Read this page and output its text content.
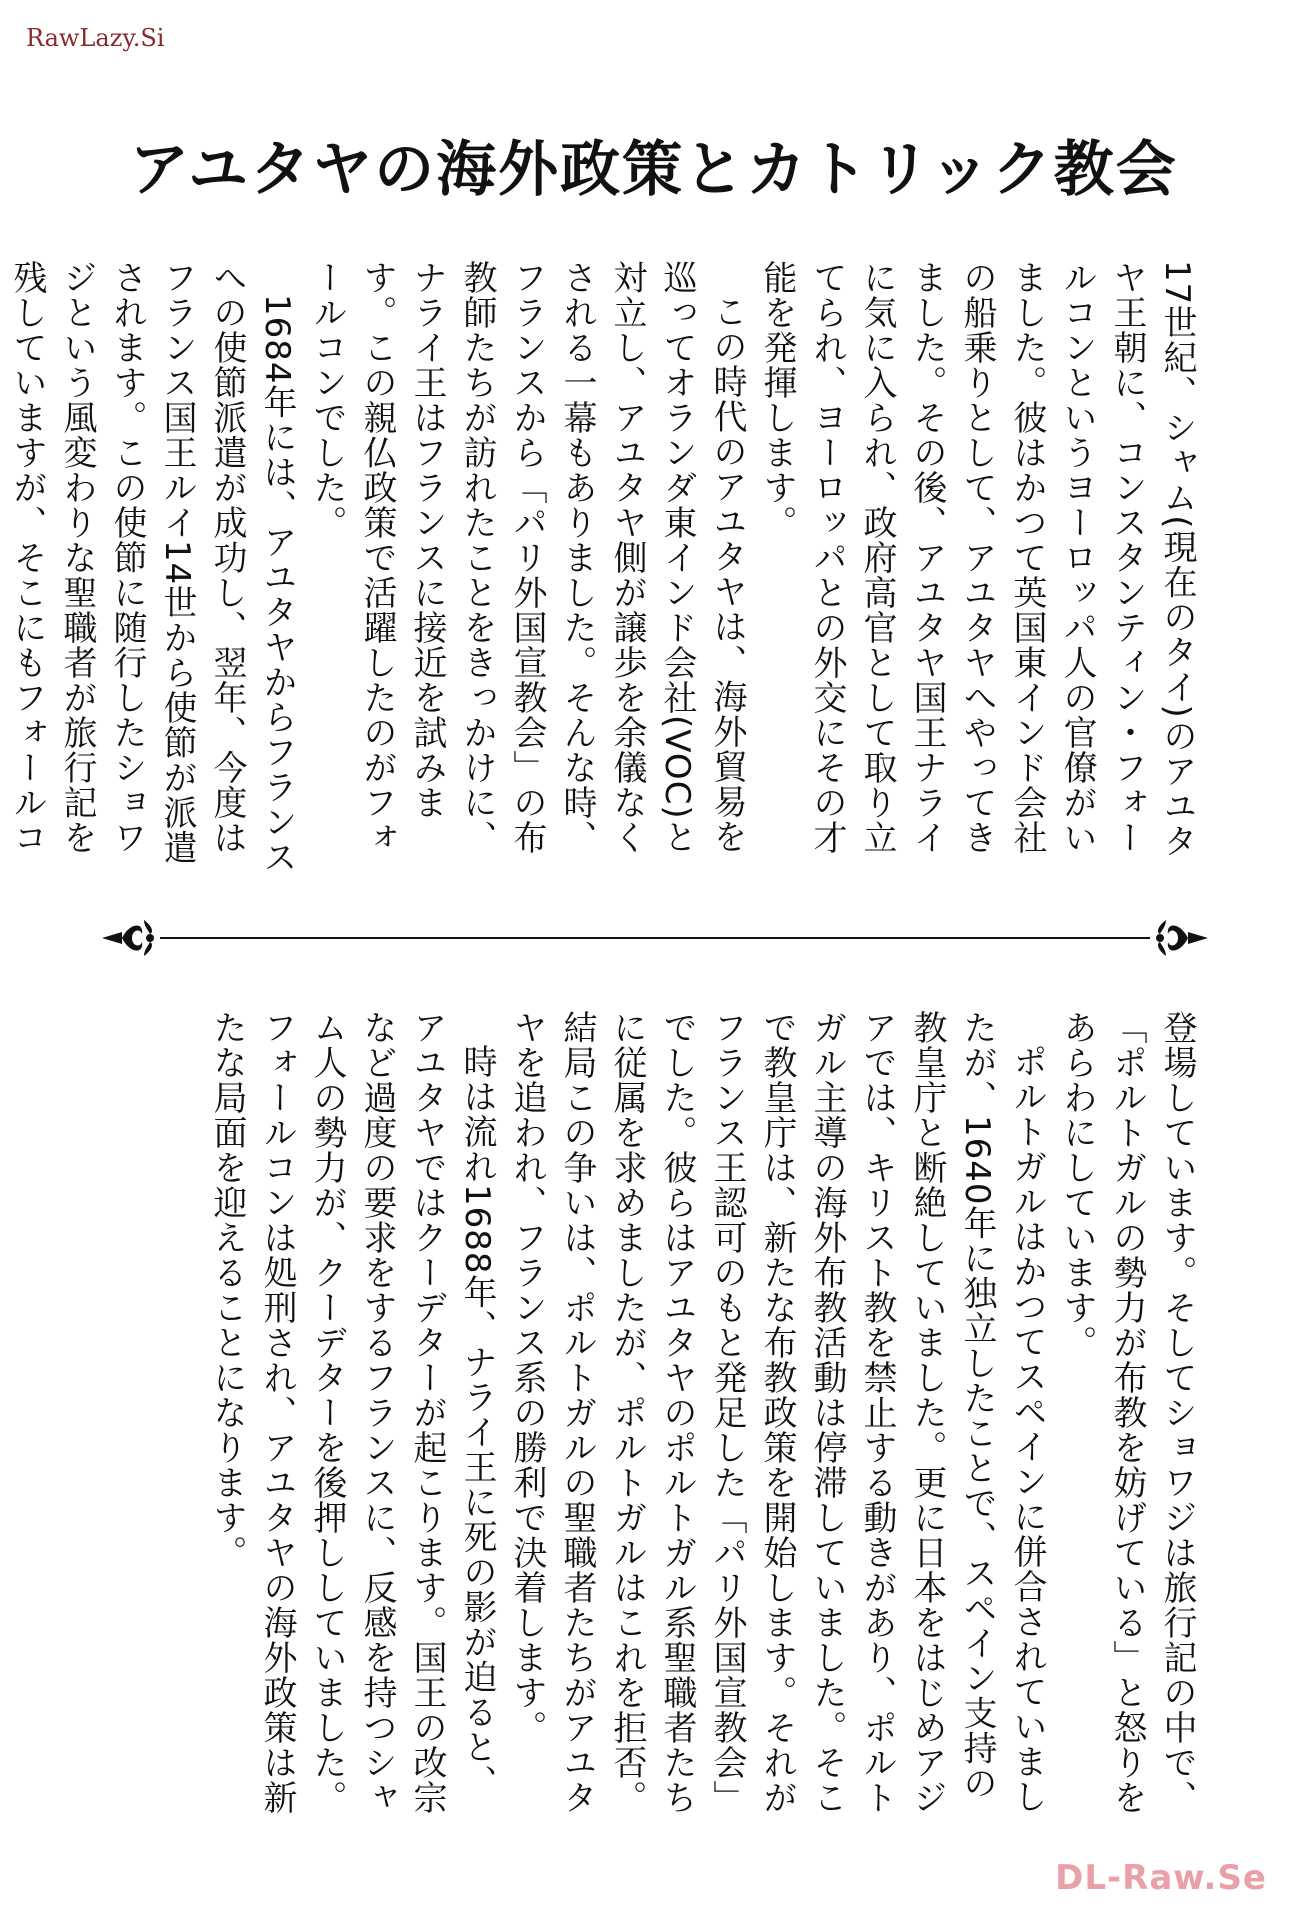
RawLazy.Si
アユタヤの海外政策とカトリック教会

17世紀、シャム(現在のタイ)のアユタヤ王朝に、コンスタンティン・フォールコンというヨーロッパ人の官僚がいました。彼はかつて英国東インド会社の船乗りとして、アユタヤへやってきました。その後、アユタヤ国王ナライに気に入られ、政府高官として取り立てられ、ヨーロッパとの外交にその才能を発揮します。

この時代のアユタヤは、海外貿易を巡ってオランダ東インド会社(VOC)と対立し、アユタヤ側が譲歩を余儀なくされる一幕もありました。そんな時、フランスから「パリ外国宣教会」の布教師たちが訪れたことをきっかけに、ナライ王はフランスに接近を試みます。この親仏政策で活躍したのがフォールコンでした。

1684年には、アユタヤからフランスへの使節派遣が成功し、翌年、今度はフランス国王ルイ14世から使節が派遣されます。この使節に随行したショワジという風変わりな聖職者が旅行記を残していますが、そこにもフォールコ

登場しています。そしてショワジは旅行記の中で、「ポルトガルの勢力が布教を妨げている」と怒りをあらわにしています。

ポルトガルはかつてスペインに併合されていましたが、1640年に独立したことで、スペイン支持の教皇庁と断絶していました。更に日本をはじめアジアでは、キリスト教を禁止する動きがあり、ポルトガル主導の海外布教活動は停滞していました。そこで教皇庁は、新たな布教政策を開始します。それがフランス王認可のもと発足した「パリ外国宣教会」でした。彼らはアユタヤのポルトガル系聖職者たちに従属を求めましたが、ポルトガルはこれを拒否。結局この争いは、ポルトガルの聖職者たちがアユタヤを追われ、フランス系の勝利で決着します。

時は流れ1688年、ナライ王に死の影が迫ると、アユタヤではクーデターが起こります。国王の改宗など過度の要求をするフランスに、反感を持つシャム人の勢力が、クーデターを後押ししていました。フォールコンは処刑され、アユタヤの海外政策は新たな局面を迎えることになります。

DL-Raw.Se
